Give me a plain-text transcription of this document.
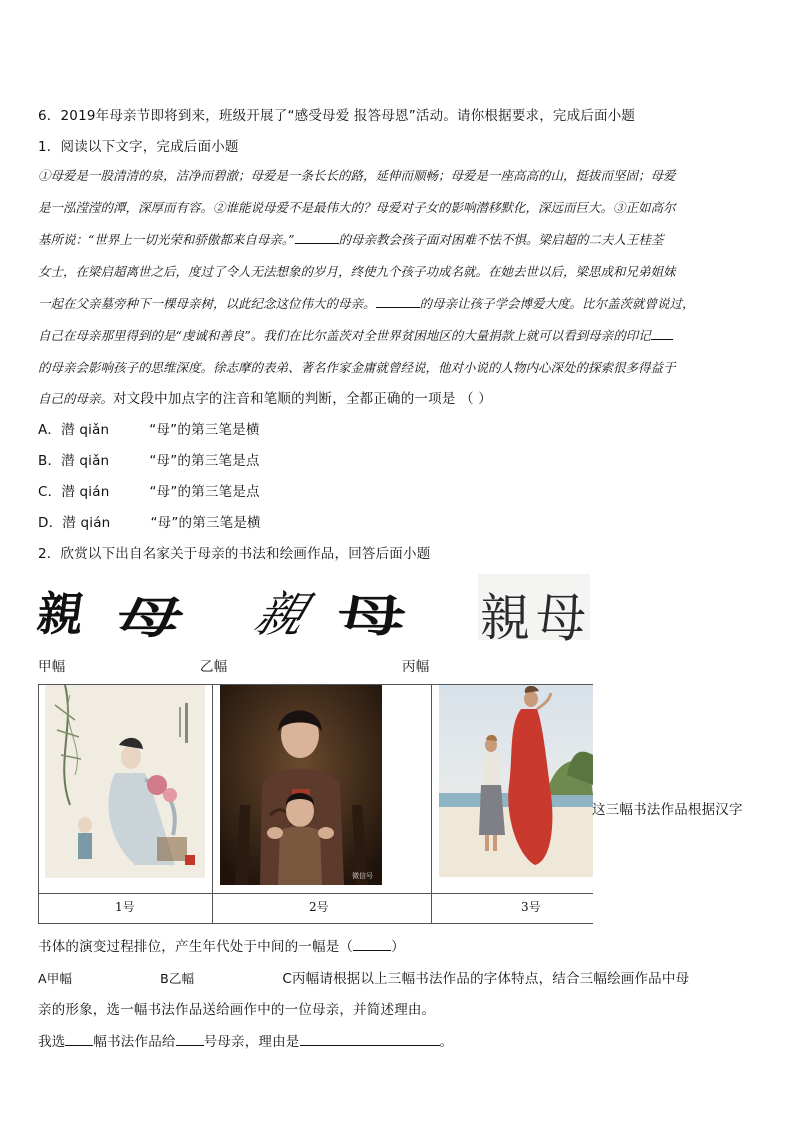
6．2019年母亲节即将到来，班级开展了“感受母爱 报答母恩”活动。请你根据要求，完成后面小题
1．阅读以下文字，完成后面小题
①母爱是一股清清的泉，洁净而碧澈；母爱是一条长长的路，延伸而顺畅；母爱是一座高高的山，挺拔而坚固；母爱
是一泓滢滢的潭，深厚而有容。②谁能说母爱不是最伟大的？母爱对子女的影响潜移默化，深远而巨大。③正如高尔
基所说：“世界上一切光荣和骄傲都来自母亲。”	的母亲教会孩子面对困难不怯不惧。梁启超的二夫人王桂荃
女士，在梁启超离世之后，度过了令人无法想象的岁月，终使九个孩子功成名就。在她去世以后，梁思成和兄弟姐妹
一起在父亲墓旁种下一棵母亲树，以此纪念这位伟大的母亲。	的母亲让孩子学会博爱大度。比尔盖茨就曾说过，
自己在母亲那里得到的是“虔诚和善良”。我们在比尔盖茨对全世界贫困地区的大量捐款上就可以看到母亲的印记
的母亲会影响孩子的思维深度。徐志摩的表弟、著名作家金庸就曾经说，他对小说的人物内心深处的探索很多得益于
自己的母亲。对文段中加点字的注音和笔顺的判断，全都正确的一项是 （ ）
A．潜 qiǎn	“母”的第三笔是横
B．潜 qiǎn	“母”的第三笔是点
C．潜 qián	“母”的第三笔是点
D．潜 qián	“母”的第三笔是横
2．欣赏以下出自名家关于母亲的书法和绘画作品，回答后面小题
親 母 親 母 親 母
甲幅	乙幅	丙幅
微信号
1号	2号	3号
这三幅书法作品根据汉字
书体的演变过程排位，产生年代处于中间的一幅是（	）
A甲幅	B乙幅	C丙幅请根据以上三幅书法作品的字体特点，结合三幅绘画作品中母
亲的形象，选一幅书法作品送给画作中的一位母亲，并简述理由。
我选 幅书法作品给 号母亲，理由是	。
